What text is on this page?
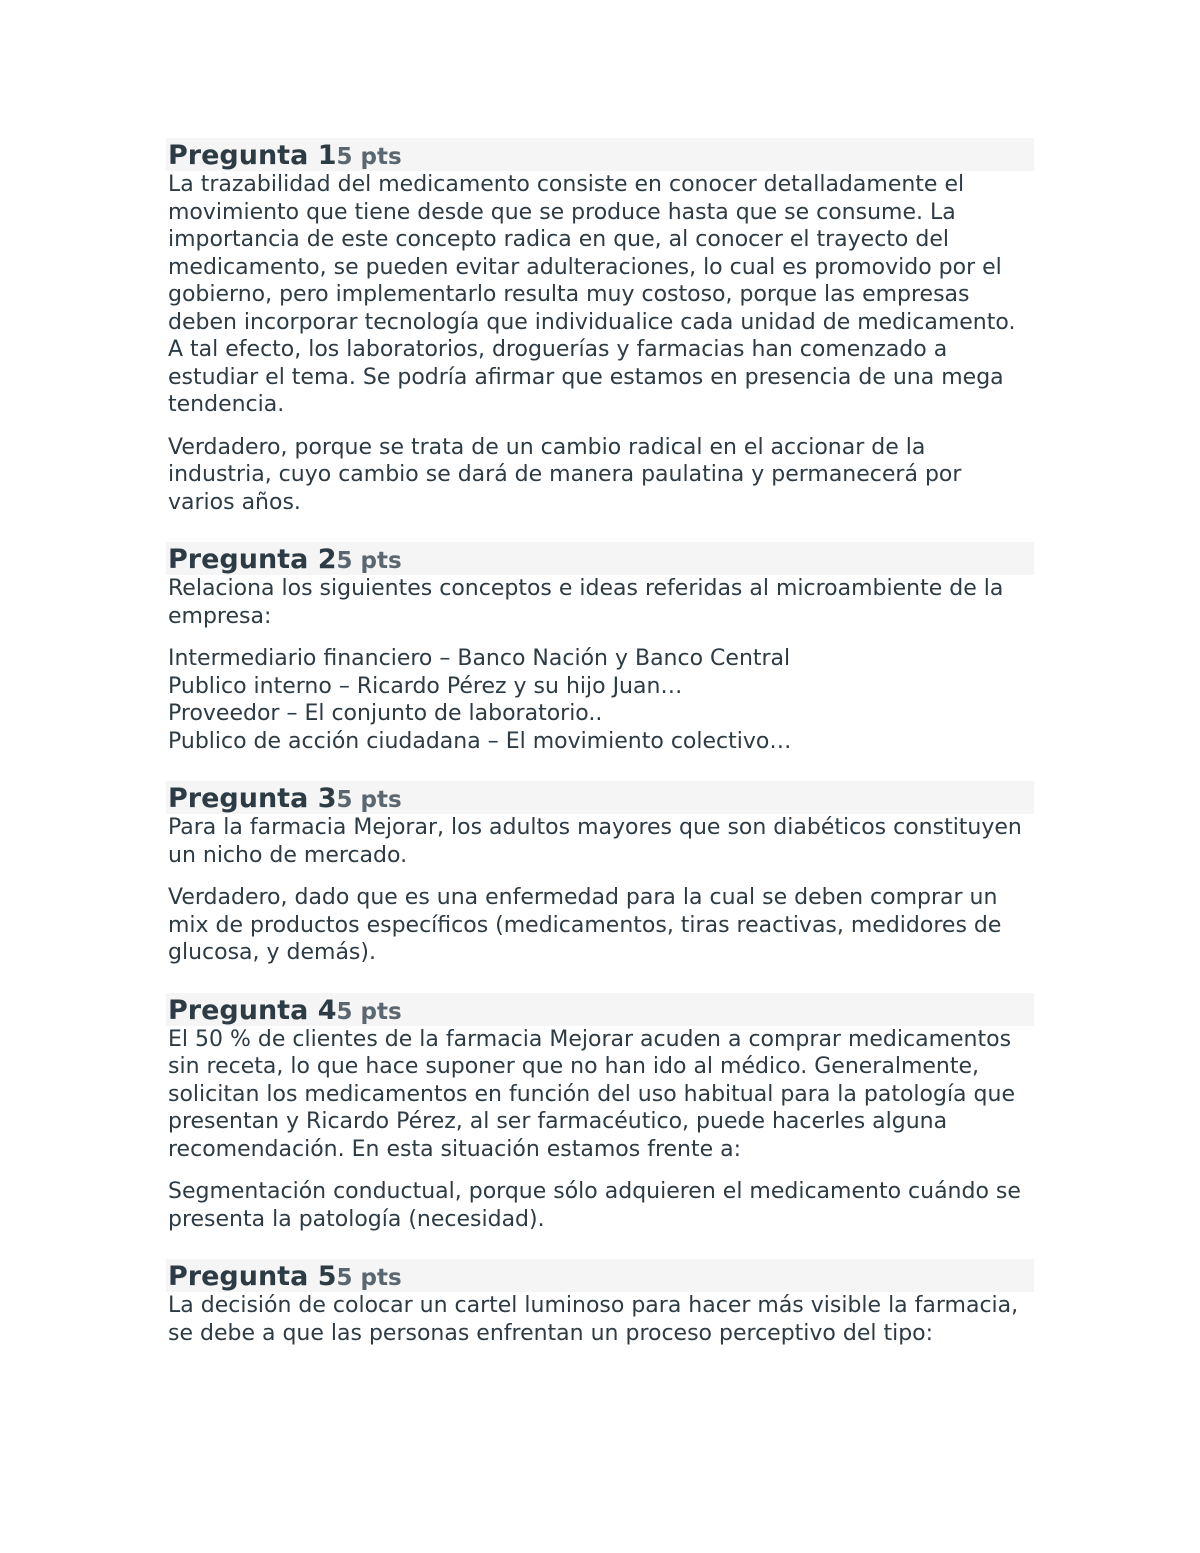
Pregunta 15 pts

La trazabilidad del medicamento consiste en conocer detalladamente el movimiento que tiene desde que se produce hasta que se consume. La importancia de este concepto radica en que, al conocer el trayecto del medicamento, se pueden evitar adulteraciones, lo cual es promovido por el gobierno, pero implementarlo resulta muy costoso, porque las empresas deben incorporar tecnología que individualice cada unidad de medicamento. A tal efecto, los laboratorios, droguerías y farmacias han comenzado a estudiar el tema. Se podría afirmar que estamos en presencia de una mega tendencia.

Verdadero, porque se trata de un cambio radical en el accionar de la industria, cuyo cambio se dará de manera paulatina y permanecerá por varios años.

Pregunta 25 pts

Relaciona los siguientes conceptos e ideas referidas al microambiente de la empresa:

Intermediario financiero – Banco Nación y Banco Central
Publico interno – Ricardo Pérez y su hijo Juan…
Proveedor – El conjunto de laboratorio..
Publico de acción ciudadana – El movimiento colectivo…
Pregunta 35 pts

Para la farmacia Mejorar, los adultos mayores que son diabéticos constituyen un nicho de mercado.

Verdadero, dado que es una enfermedad para la cual se deben comprar un mix de productos específicos (medicamentos, tiras reactivas, medidores de glucosa, y demás).

Pregunta 45 pts

El 50 % de clientes de la farmacia Mejorar acuden a comprar medicamentos sin receta, lo que hace suponer que no han ido al médico. Generalmente, solicitan los medicamentos en función del uso habitual para la patología que presentan y Ricardo Pérez, al ser farmacéutico, puede hacerles alguna recomendación. En esta situación estamos frente a:

Segmentación conductual, porque sólo adquieren el medicamento cuándo se presenta la patología (necesidad).

Pregunta 55 pts

La decisión de colocar un cartel luminoso para hacer más visible la farmacia, se debe a que las personas enfrentan un proceso perceptivo del tipo:
